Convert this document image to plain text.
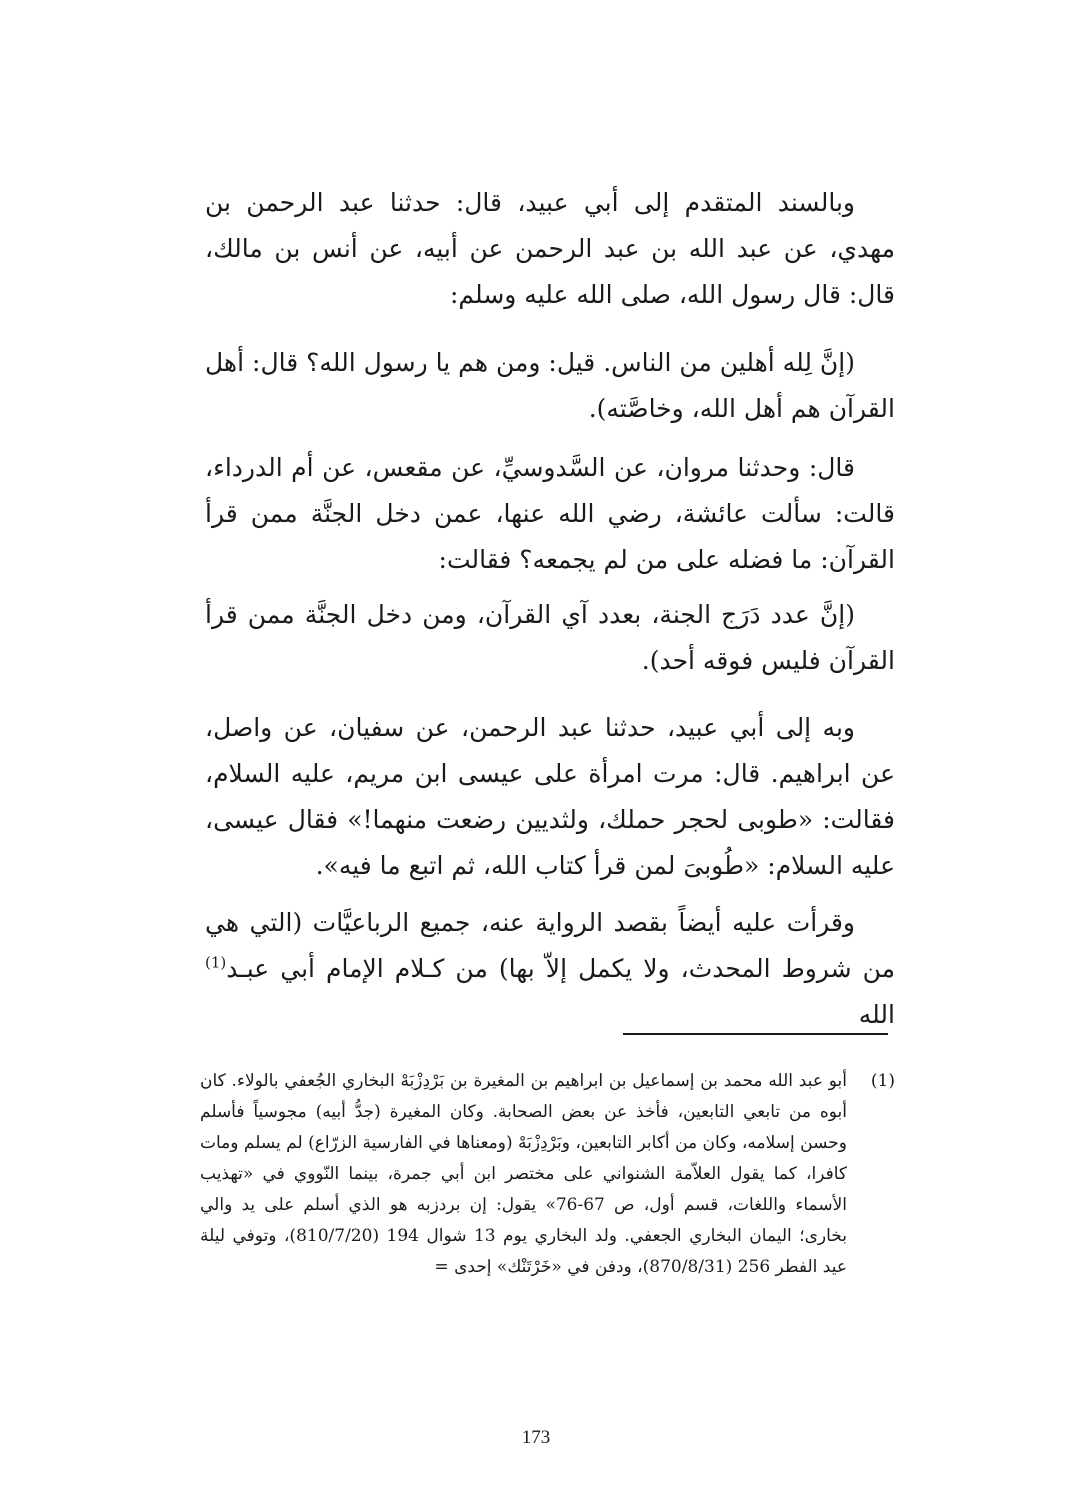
وبالسند المتقدم إلى أبي عبيد، قال: حدثنا عبد الرحمن بن مهدي، عن عبد الله بن عبد الرحمن عن أبيه، عن أنس بن مالك، قال: قال رسول الله، صلى الله عليه وسلم:

(إنَّ لِله أهلين من الناس. قيل: ومن هم يا رسول الله؟ قال: أهل القرآن هم أهل الله، وخاصَّته).

قال: وحدثنا مروان، عن السَّدوسيِّ، عن مقعس، عن أم الدرداء، قالت: سألت عائشة، رضي الله عنها، عمن دخل الجنَّة ممن قرأ القرآن: ما فضله على من لم يجمعه؟ فقالت:

(إنَّ عدد دَرَج الجنة، بعدد آي القرآن، ومن دخل الجنَّة ممن قرأ القرآن فليس فوقه أحد).

وبه إلى أبي عبيد، حدثنا عبد الرحمن، عن سفيان، عن واصل، عن ابراهيم. قال: مرت امرأة على عيسى ابن مريم، عليه السلام، فقالت: «طوبى لحجر حملك، ولثديين رضعت منهما!» فقال عيسى، عليه السلام: «طُوبىَ لمن قرأ كتاب الله، ثم اتبع ما فيه».

وقرأت عليه أيضاً بقصد الرواية عنه، جميع الرباعيَّات (التي هي من شروط المحدث، ولا يكمل إلاّ بها) من كـلام الإمام أبي عبـد$^{(1)}$ الله

(1)

أبو عبد الله محمد بن إسماعيل بن ابراهيم بن المغيرة بن بَرْدِزْبَهْ البخاري الجُعفي بالولاء. كان أبوه من تابعي التابعين، فأخذ عن بعض الصحابة. وكان المغيرة (جدُّ أبيه) مجوسياً فأسلم وحسن إسلامه، وكان من أكابر التابعين، وبَرْدِزْبَهْ (ومعناها في الفارسية الزرّاع) لم يسلم ومات كافرا، كما يقول العلاّمة الشنواني على مختصر ابن أبي جمرة، بينما النّووي في «تهذيب الأسماء واللغات، قسم أول، ص 67-76» يقول: إن بردزبه هو الذي أسلم على يد والي بخارى؛ اليمان البخاري الجعفي. ولد البخاري يوم 13 شوال 194 (810/7/20)، وتوفي ليلة عيد الفطر 256 (870/8/31)، ودفن في «خَرْتَنْك» إحدى =

173
